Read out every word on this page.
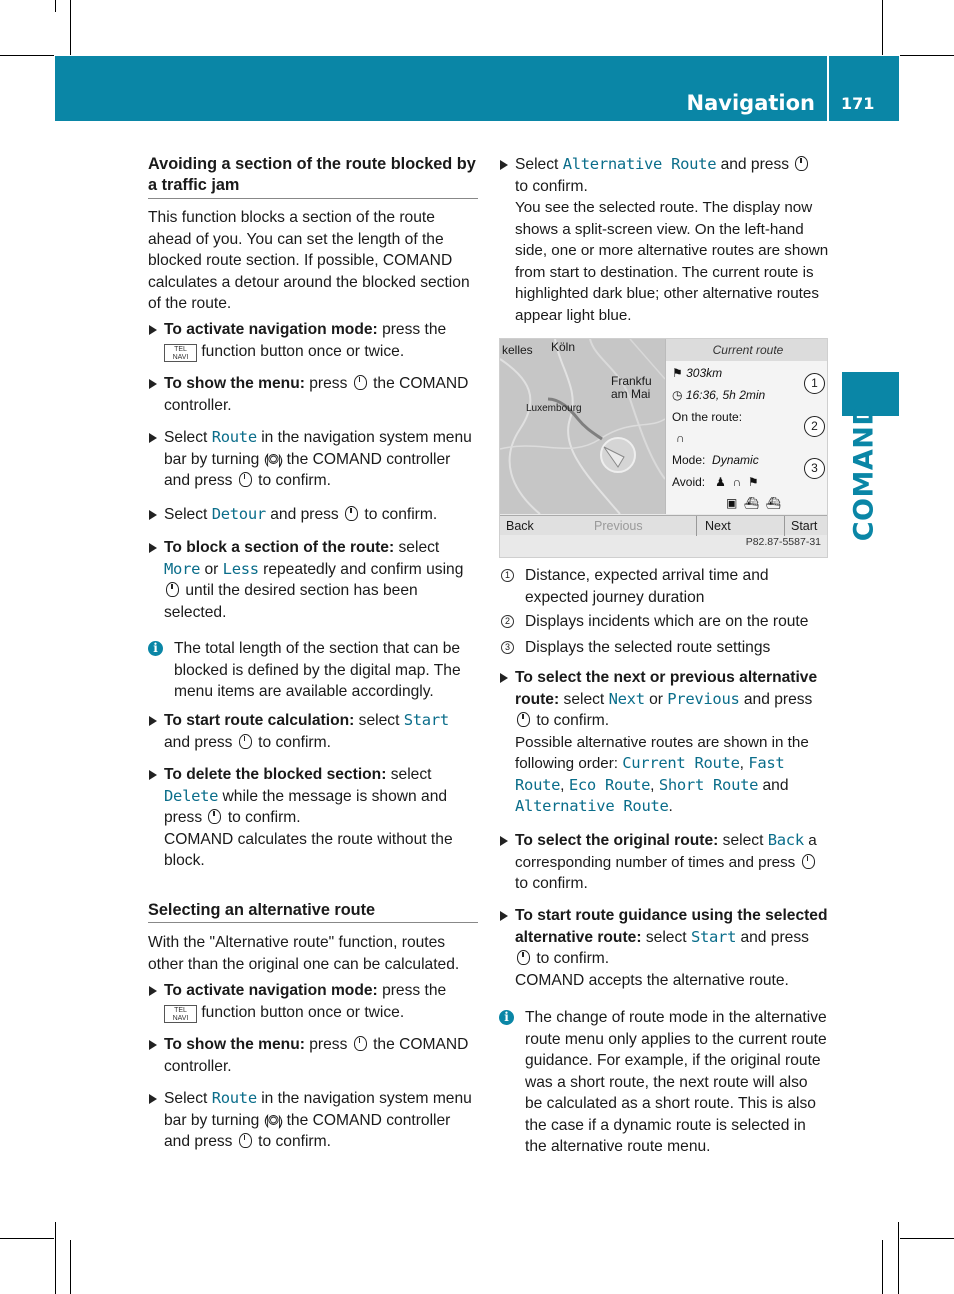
Navigation 171
COMAND
Avoiding a section of the route blocked by a traffic jam
This function blocks a section of the route ahead of you. You can set the length of the blocked route section. If possible, COMAND calculates a detour around the blocked section of the route.
To activate navigation mode: press the
TEL
NAVI function button once or twice.
To show the menu: press  the COMAND controller.
Select Route in the navigation system menu bar by turning ⟬◎⟭ the COMAND controller and press  to confirm.
Select Detour and press  to confirm.
To block a section of the route: select More or Less repeatedly and confirm using  until the desired section has been selected.
i	The total length of the section that can be blocked is defined by the digital map. The menu items are available accordingly.
To start route calculation: select Start and press  to confirm.
To delete the blocked section: select Delete while the message is shown and press  to confirm.
COMAND calculates the route without the block.
Selecting an alternative route
With the "Alternative route" function, routes other than the original one can be calculated.
To activate navigation mode: press the
TEL
NAVI function button once or twice.
To show the menu: press  the COMAND controller.
Select Route in the navigation system menu bar by turning ⟬◎⟭ the COMAND controller and press  to confirm.
Select Alternative Route and press
to confirm.
You see the selected route. The display now shows a split-screen view. On the left-hand side, one or more alternative routes are shown from start to destination. The current route is highlighted dark blue; other alternative routes appear light blue.
kelles Köln
Frankfu
am Mai
Luxembourg
Current route
⚑ 303km
◷ 16:36, 5h 2min
On the route:
∩
Mode: Dynamic
Avoid:   ♟  ∩  ⚑
▣  ⛴  ⛴
1
2
3
Back	Previous	Next	Start
P82.87-5587-31
1 Distance, expected arrival time and expected journey duration
2 Displays incidents which are on the route
3 Displays the selected route settings
To select the next or previous alternative route: select Next or Previous and press  to confirm.
Possible alternative routes are shown in the following order: Current Route, Fast Route, Eco Route, Short Route and Alternative Route.
To select the original route: select Back a corresponding number of times and press  to confirm.
To start route guidance using the selected alternative route: select Start and press  to confirm.
COMAND accepts the alternative route.
i	The change of route mode in the alternative route menu only applies to the current route guidance. For example, if the original route was a short route, the next route will also be calculated as a short route. This is also the case if a dynamic route is selected in the alternative route menu.
